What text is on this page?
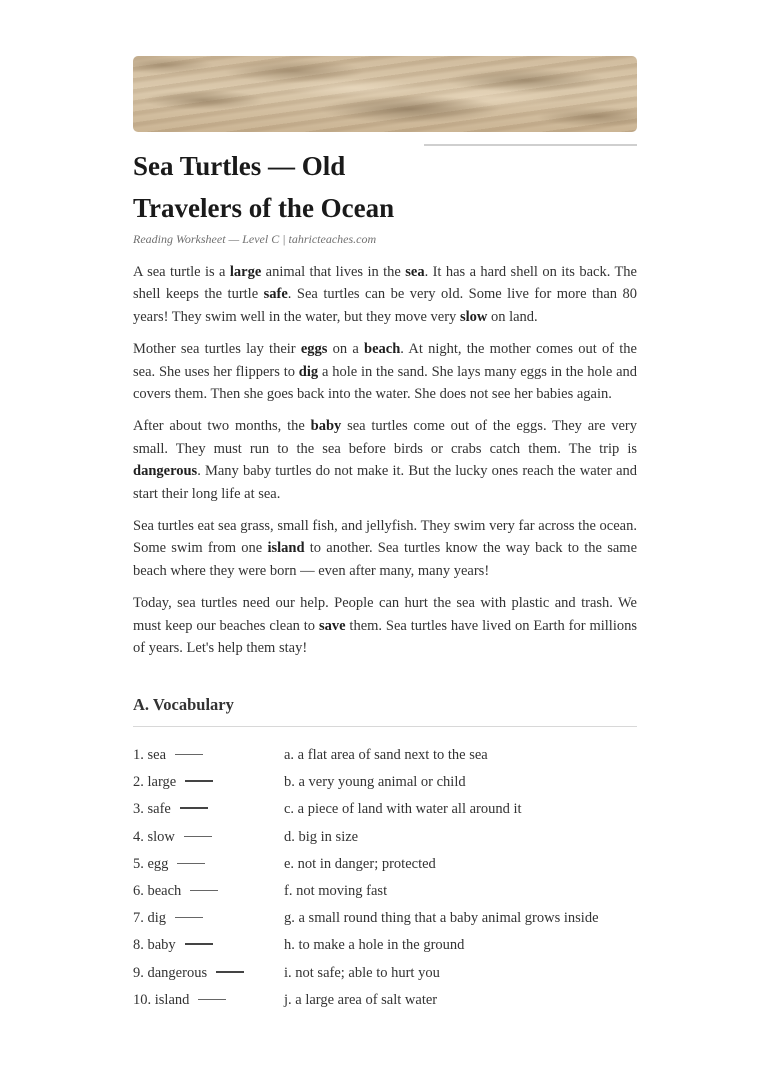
Sea Turtles — Old
Travelers of the Ocean
Reading Worksheet — Level C | tahricteaches.com

A sea turtle is a large animal that lives in the sea. It has a hard shell on its back. The shell keeps the turtle safe. Sea turtles can be very old. Some live for more than 80 years! They swim well in the water, but they move very slow on land.

Mother sea turtles lay their eggs on a beach. At night, the mother comes out of the sea. She uses her flippers to dig a hole in the sand. She lays many eggs in the hole and covers them. Then she goes back into the water. She does not see her babies again.

After about two months, the baby sea turtles come out of the eggs. They are very small. They must run to the sea before birds or crabs catch them. The trip is dangerous. Many baby turtles do not make it. But the lucky ones reach the water and start their long life at sea.

Sea turtles eat sea grass, small fish, and jellyfish. They swim very far across the ocean. Some swim from one island to another. Sea turtles know the way back to the same beach where they were born — even after many, many years!

Today, sea turtles need our help. People can hurt the sea with plastic and trash. We must keep our beaches clean to save them. Sea turtles have lived on Earth for millions of years. Let's help them stay!

A. Vocabulary
1. sea	a. a flat area of sand next to the sea
2. large	b. a very young animal or child
3. safe	c. a piece of land with water all around it
4. slow	d. big in size
5. egg	e. not in danger; protected
6. beach	f. not moving fast
7. dig	g. a small round thing that a baby animal grows inside
8. baby	h. to make a hole in the ground
9. dangerous	i. not safe; able to hurt you
10. island	j. a large area of salt water
